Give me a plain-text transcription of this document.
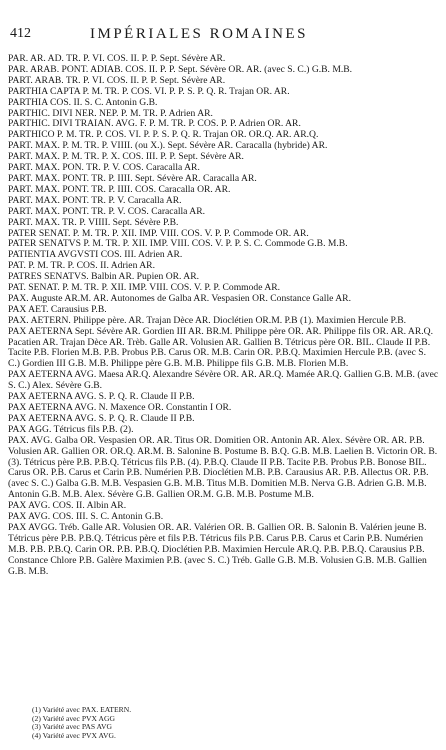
412	IMPÉRIALES ROMAINES

PAR. AR. AD. TR. P. VI. COS. II. P. P. Sept. Sévère AR.

PAR. ARAB. PONT. ADIAB. COS. II. P. P. Sept. Sévère OR. AR. (avec S. C.) G.B. M.B.

PART. ARAB. TR. P. VI. COS. II. P. P. Sept. Sévère AR.

PARTHIA CAPTA P. M. TR. P. COS. VI. P. P. S. P. Q. R. Trajan OR. AR.

PARTHIA COS. II. S. C. Antonin G.B.

PARTHIC. DIVI NER. NEP. P. M. TR. P. Adrien AR.

PARTHIC. DIVI TRAIAN. AVG. F. P. M. TR. P. COS. P. P. Adrien OR. AR.

PARTHICO P. M. TR. P. COS. VI. P. P. S. P. Q. R. Trajan OR. OR.Q. AR. AR.Q.

PART. MAX. P. M. TR. P. VIIII. (ou X.). Sept. Sévère AR. Caracalla (hybride) AR.

PART. MAX. P. M. TR. P. X. COS. III. P. P. Sept. Sévère AR.

PART. MAX. PON. TR. P. V. COS. Caracalla AR.

PART. MAX. PONT. TR. P. IIII. Sept. Sévère AR. Caracalla AR.

PART. MAX. PONT. TR. P. IIII. COS. Caracalla OR. AR.

PART. MAX. PONT. TR. P. V. Caracalla AR.

PART. MAX. PONT. TR. P. V. COS. Caracalla AR.

PART. MAX. TR. P. VIIII. Sept. Sévère P.B.

PATER SENAT. P. M. TR. P. XII. IMP. VIII. COS. V. P. P. Commode OR. AR.

PATER SENATVS P. M. TR. P. XII. IMP. VIII. COS. V. P. P. S. C. Commode G.B. M.B.

PATIENTIA AVGVSTI COS. III. Adrien AR.

PAT. P. M. TR. P. COS. II. Adrien AR.

PATRES SENATVS. Balbin AR. Pupien OR. AR.

PAT. SENAT. P. M. TR. P. XII. IMP. VIII. COS. V. P. P. Commode AR.

PAX. Auguste AR.M. AR. Autonomes de Galba AR. Vespasien OR. Constance Galle AR.

PAX AET. Carausius P.B.

PAX. AETERN. Philippe père. AR. Trajan Dèce AR. Dioclétien OR.M. P.B (1). Maximien Hercule P.B.

PAX AETERNA Sept. Sévère AR. Gordien III AR. BR.M. Philippe père OR. AR. Philippe fils OR. AR. AR.Q. Pacatien AR. Trajan Dèce AR. Trèb. Galle AR. Volusien AR. Gallien B. Tétricus père OR. BIL. Claude II P.B. Tacite P.B. Florien M.B. P.B. Probus P.B. Carus OR. M.B. Carin OR. P.B.Q. Maximien Hercule P.B. (avec S. C.) Gordien III G.B. M.B. Philippe père G.B. M.B. Philippe fils G.B. M.B. Florien M.B.

PAX AETERNA AVG. Maesa AR.Q. Alexandre Sévère OR. AR. AR.Q. Mamée AR.Q. Gallien G.B. M.B. (avec S. C.) Alex. Sévère G.B.

PAX AETERNA AVG. S. P. Q. R. Claude II P.B.

PAX AETERNA AVG. N. Maxence OR. Constantin I OR.

PAX AETERNA AVG. S. P. Q. R. Claude II P.B.

PAX AGG. Tétricus fils P.B. (2).

PAX. AVG. Galba OR. Vespasien OR. AR. Titus OR. Domitien OR. Antonin AR. Alex. Sévère OR. AR. P.B. Volusien AR. Gallien OR. OR.Q. AR.M. B. Salonine B. Postume B. B.Q. G.B. M.B. Laelien B. Victorin OR. B. (3). Tétricus père P.B. P.B.Q. Tétricus fils P.B. (4). P.B.Q. Claude II P.B. Tacite P.B. Probus P.B. Bonose BIL. Carus OR. P.B. Carus et Carin P.B. Numérien P.B. Dioclétien M.B. P.B. Carausius AR. P.B. Allectus OR. P.B. (avec S. C.) Galba G.B. M.B. Vespasien G.B. M.B. Titus M.B. Domitien M.B. Nerva G.B. Adrien G.B. M.B. Antonin G.B. M.B. Alex. Sévère G.B. Gallien OR.M. G.B. M.B. Postume M.B.

PAX AVG. COS. II. Albin AR.

PAX AVG. COS. III. S. C. Antonin G.B.

PAX AVGG. Tréb. Galle AR. Volusien OR. AR. Valérien OR. B. Gallien OR. B. Salonin B. Valérien jeune B. Tétricus père P.B. P.B.Q. Tétricus père et fils P.B. Tétricus fils P.B. Carus P.B. Carus et Carin P.B. Numérien M.B. P.B. P.B.Q. Carin OR. P.B. P.B.Q. Dioclétien P.B. Maximien Hercule AR.Q. P.B. P.B.Q. Carausius P.B. Constance Chlore P.B. Galère Maximien P.B. (avec S. C.) Tréb. Galle G.B. M.B. Volusien G.B. M.B. Gallien G.B. M.B.

(1) Variété avec PAX. EATERN.

(2) Variété avec PVX AGG

(3) Variété avec PAS AVG

(4) Variété avec PVX AVG.
